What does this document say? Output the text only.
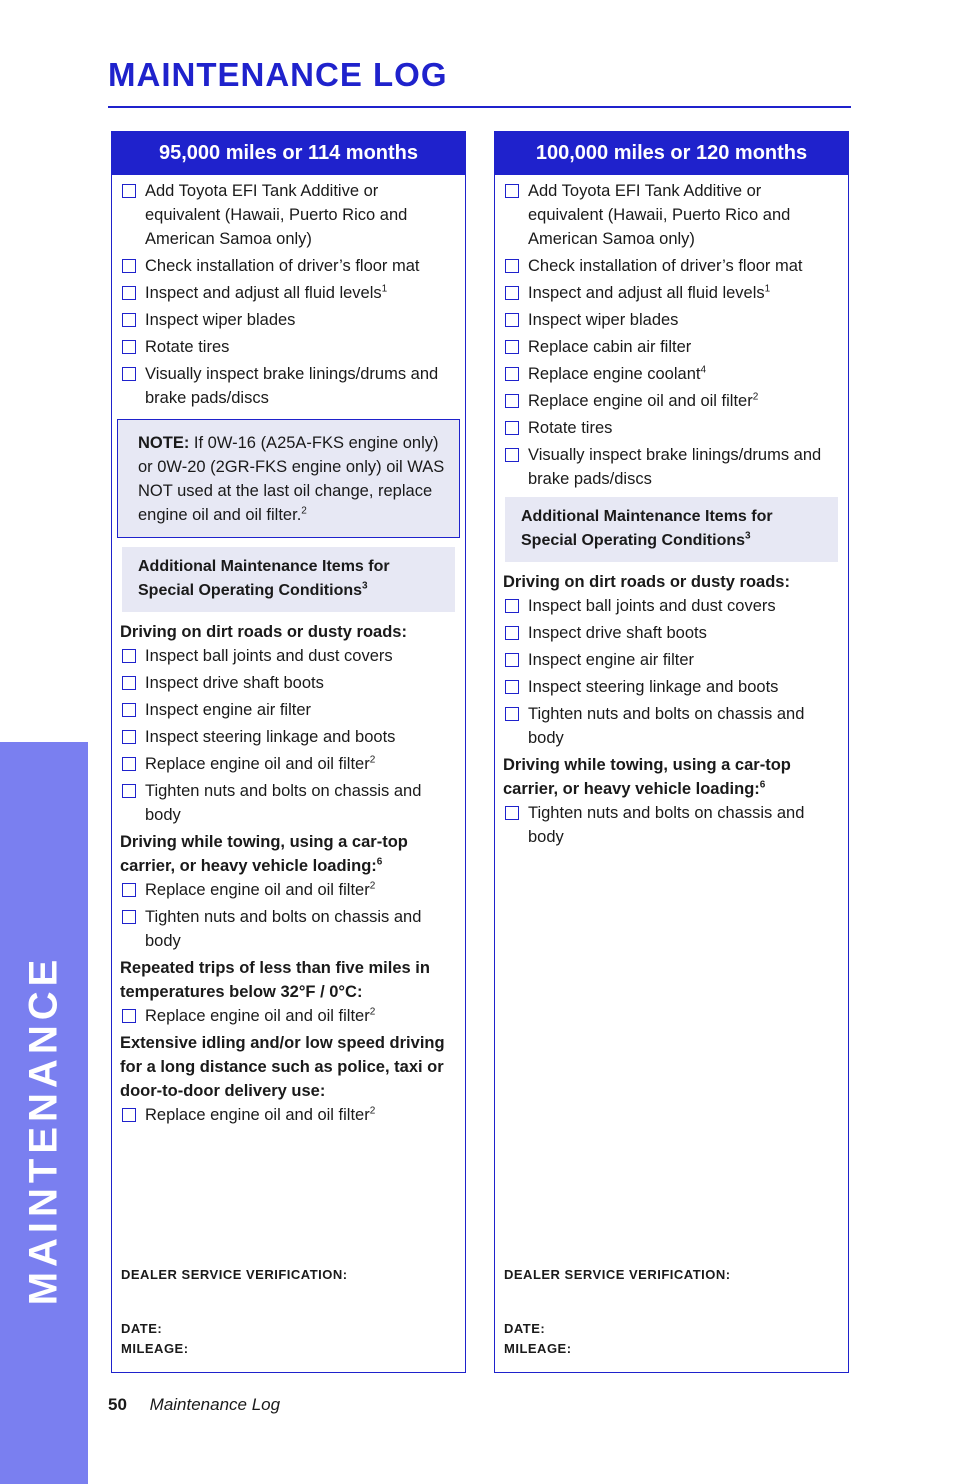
MAINTENANCE
MAINTENANCE LOG
95,000 miles or 114 months
Add Toyota EFI Tank Additive or equivalent (Hawaii, Puerto Rico and American Samoa only)
Check installation of driver’s floor mat
Inspect and adjust all fluid levels$^1$
Inspect wiper blades
Rotate tires
Visually inspect brake linings/drums and brake pads/discs
NOTE: If 0W-16 (A25A-FKS engine only) or 0W-20 (2GR-FKS engine only) oil WAS NOT used at the last oil change, replace engine oil and oil filter.$^2$
Additional Maintenance Items for Special Operating Conditions$^3$

Driving on dirt roads or dusty roads:

Inspect ball joints and dust covers
Inspect drive shaft boots
Inspect engine air filter
Inspect steering linkage and boots
Replace engine oil and oil filter$^2$
Tighten nuts and bolts on chassis and body

Driving while towing, using a car-top carrier, or heavy vehicle loading:$^6$

Replace engine oil and oil filter$^2$
Tighten nuts and bolts on chassis and body

Repeated trips of less than five miles in temperatures below 32°F / 0°C:

Replace engine oil and oil filter$^2$

Extensive idling and/or low speed driving for a long distance such as police, taxi or door-to-door delivery use:

Replace engine oil and oil filter$^2$
DEALER SERVICE VERIFICATION:
DATE:
MILEAGE:
100,000 miles or 120 months
Add Toyota EFI Tank Additive or equivalent (Hawaii, Puerto Rico and American Samoa only)
Check installation of driver’s floor mat
Inspect and adjust all fluid levels$^1$
Inspect wiper blades
Replace cabin air filter
Replace engine coolant$^4$
Replace engine oil and oil filter$^2$
Rotate tires
Visually inspect brake linings/drums and brake pads/discs
Additional Maintenance Items for Special Operating Conditions$^3$

Driving on dirt roads or dusty roads:

Inspect ball joints and dust covers
Inspect drive shaft boots
Inspect engine air filter
Inspect steering linkage and boots
Tighten nuts and bolts on chassis and body

Driving while towing, using a car-top carrier, or heavy vehicle loading:$^6$

Tighten nuts and bolts on chassis and body
DEALER SERVICE VERIFICATION:
DATE:
MILEAGE:
50 Maintenance Log
